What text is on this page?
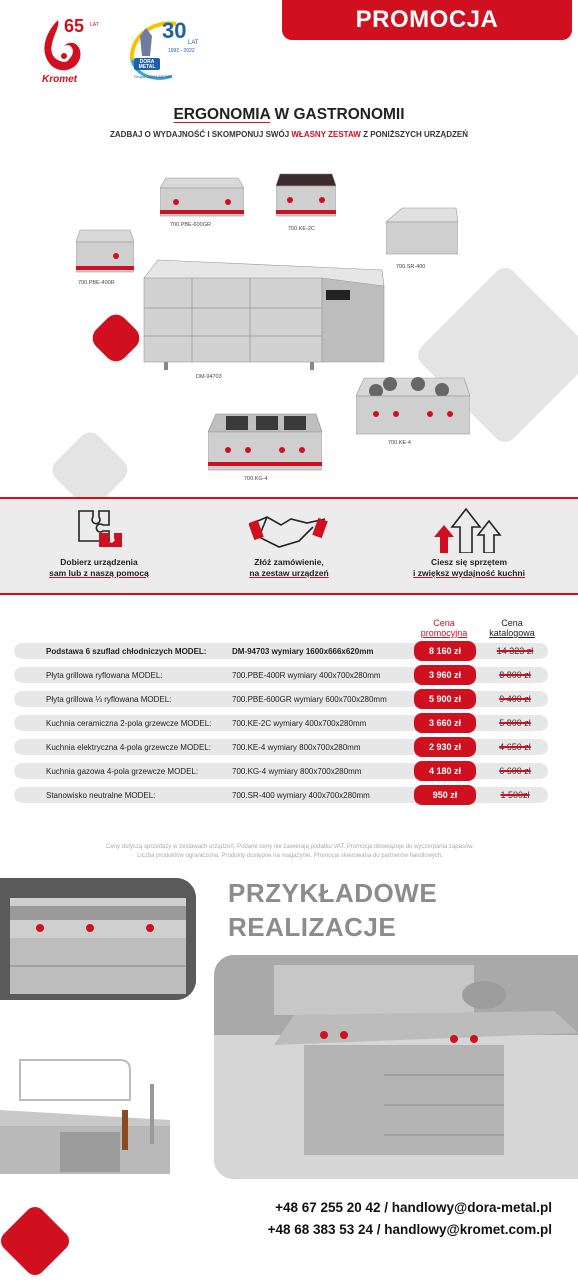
PROMOCJA
65 LAT
Kromet
30 LAT
1992 - 2022
DORA METAL
Grupa DORA METAL
ERGONOMIA W GASTRONOMII
ZADBAJ O WYDAJNOŚĆ I SKOMPONUJ SWÓJ WŁASNY ZESTAW Z PONIŻSZYCH URZĄDZEŃ
700.PBE-600GR
700.KE-2C
700.SR-400
700.PBE-400R
DM-94703
700.KE-4
700.KG-4
Dobierz urządzenia
sam lub z naszą pomocą
Złóż zamówienie,
na zestaw urządzeń
Ciesz się sprzętem
i zwiększ wydajność kuchni
Cena
promocyjna
Cena
katalogowa
Podstawa 6 szuflad chłodniczych MODEL:	DM-94703 wymiary 1600x666x620mm	8 160 zł	14 323 zł
Płyta grillowa ryflowana MODEL:	700.PBE-400R wymiary 400x700x280mm	3 960 zł	8 800 zł
Płyta grillowa ⅓ ryflowana MODEL:	700.PBE-600GR wymiary 600x700x280mm	5 900 zł	9 400 zł
Kuchnia ceramiczna 2-pola grzewcze MODEL:	700.KE-2C wymiary 400x700x280mm	3 660 zł	5 800 zł
Kuchnia elektryczna 4-pola grzewcze MODEL:	700.KE-4 wymiary 800x700x280mm	2 930 zł	4 650 zł
Kuchnia gazowa 4-pola grzewcze MODEL:	700.KG-4 wymiary 800x700x280mm	4 180 zł	6 600 zł
Stanowisko neutralne MODEL:	700.SR-400 wymiary 400x700x280mm	950 zł	1 500zł
Ceny dotyczą sprzedaży w zestawach urządzeń. Podane ceny nie zawierają podatku VAT. Promocja obowiązuje do wyczerpania zapasów.
Liczba produktów ograniczona. Produkty dostępne na magazynie. Promocja skierowana do partnerów handlowych.
PRZYKŁADOWE
REALIZACJE
+48 67 255 20 42 / handlowy@dora-metal.pl
+48 68 383 53 24 / handlowy@kromet.com.pl
